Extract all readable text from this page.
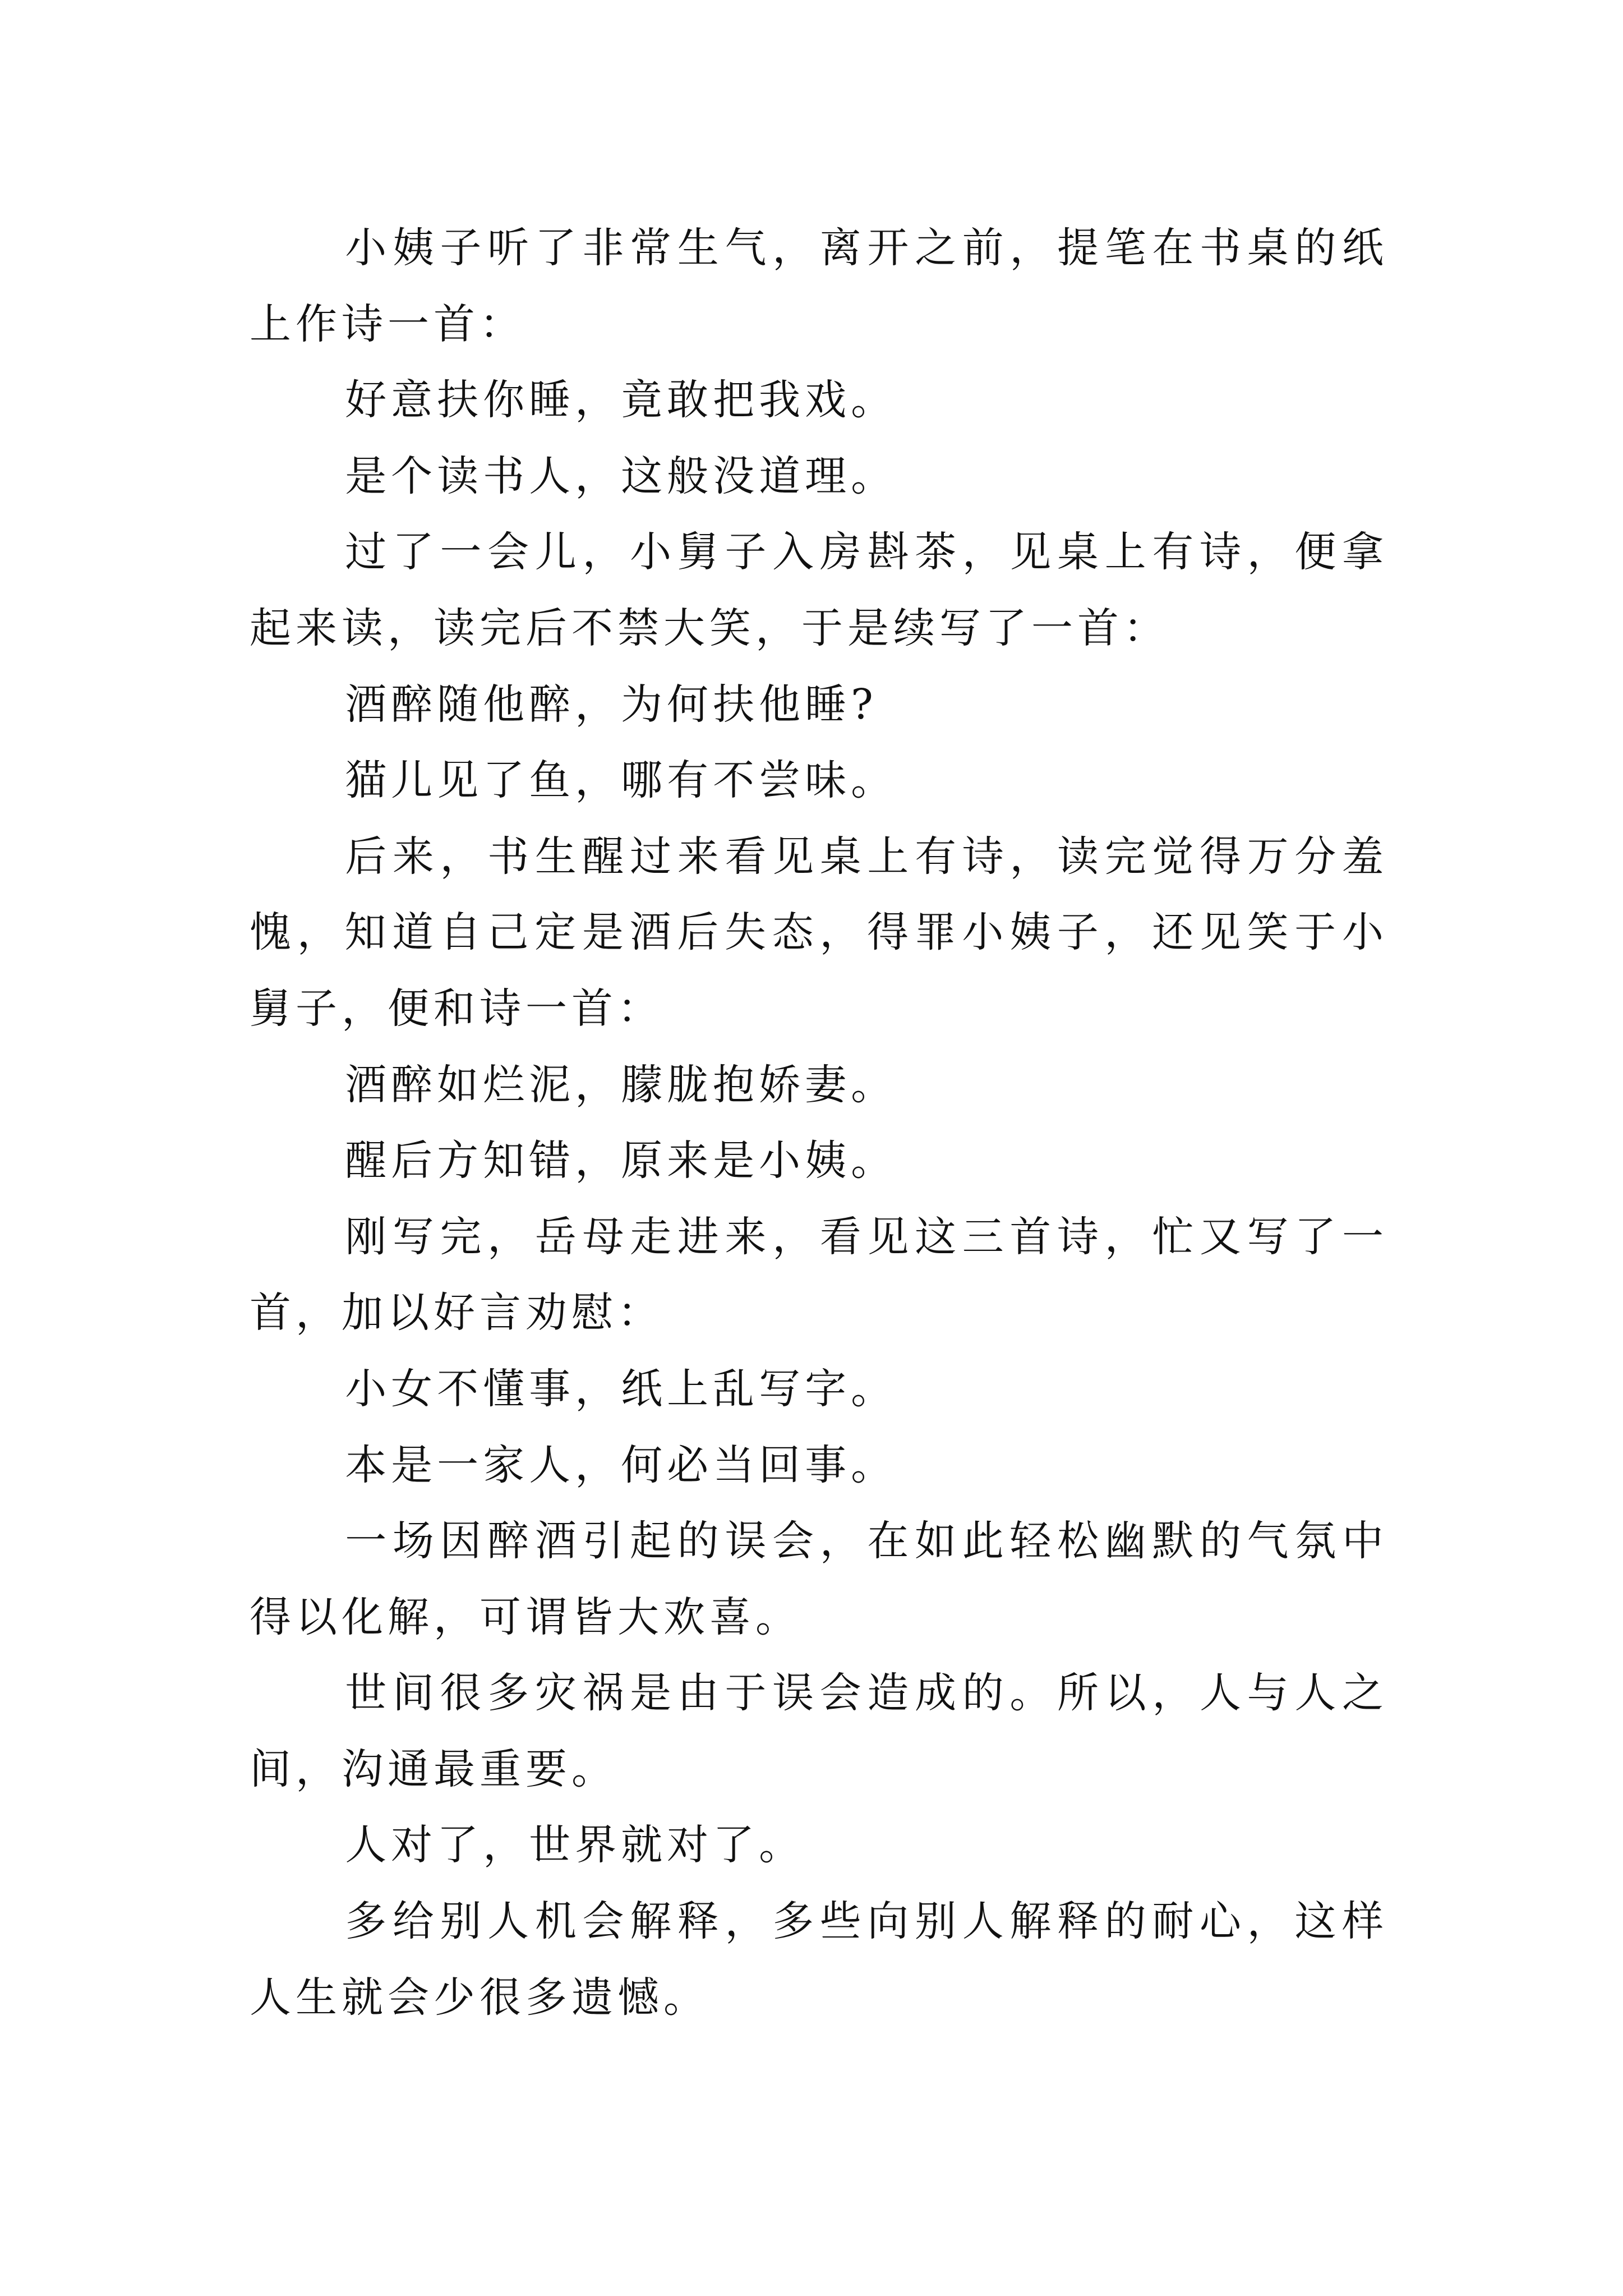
小姨子听了非常生气，离开之前，提笔在书桌的纸上作诗一首：

好意扶你睡，竟敢把我戏。

是个读书人，这般没道理。

过了一会儿，小舅子入房斟茶，见桌上有诗，便拿起来读，读完后不禁大笑，于是续写了一首：

酒醉随他醉，为何扶他睡?

猫儿见了鱼，哪有不尝味。

后来，书生醒过来看见桌上有诗，读完觉得万分羞愧，知道自己定是酒后失态，得罪小姨子，还见笑于小舅子，便和诗一首：

酒醉如烂泥，朦胧抱娇妻。

醒后方知错，原来是小姨。

刚写完，岳母走进来，看见这三首诗，忙又写了一首，加以好言劝慰：

小女不懂事，纸上乱写字。

本是一家人，何必当回事。

一场因醉酒引起的误会，在如此轻松幽默的气氛中得以化解，可谓皆大欢喜。

世间很多灾祸是由于误会造成的。所以，人与人之间，沟通最重要。

人对了，世界就对了。

多给别人机会解释，多些向别人解释的耐心，这样人生就会少很多遗憾。
